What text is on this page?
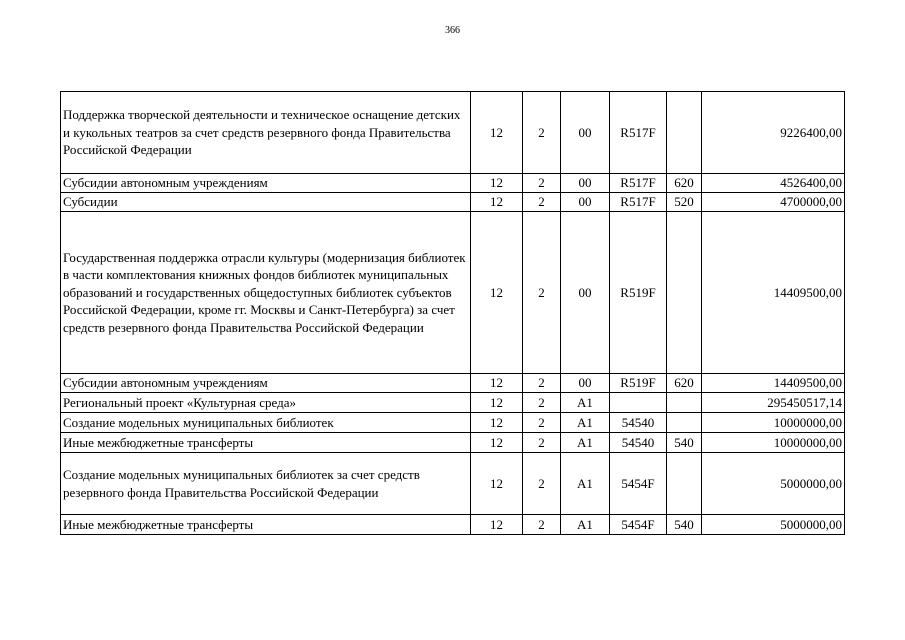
366
Поддержка творческой деятельности и техническое оснащение детских и кукольных театров за счет средств резервного фонда Правительства Российской Федерации	12	2	00	R517F		9226400,00
Субсидии автономным учреждениям	12	2	00	R517F	620	4526400,00
Субсидии	12	2	00	R517F	520	4700000,00
Государственная поддержка отрасли культуры (модернизация библиотек в части комплектования книжных фондов библиотек муниципальных образований и государственных общедоступных библиотек субъектов Российской Федерации, кроме гг. Москвы и Санкт-Петербурга) за счет средств резервного фонда Правительства Российской Федерации	12	2	00	R519F		14409500,00
Субсидии автономным учреждениям	12	2	00	R519F	620	14409500,00
Региональный проект «Культурная среда»	12	2	А1			295450517,14
Создание модельных муниципальных библиотек	12	2	А1	54540		10000000,00
Иные межбюджетные трансферты	12	2	А1	54540	540	10000000,00
Создание модельных муниципальных библиотек за счет средств резервного фонда Правительства Российской Федерации	12	2	А1	5454F		5000000,00
Иные межбюджетные трансферты	12	2	А1	5454F	540	5000000,00
